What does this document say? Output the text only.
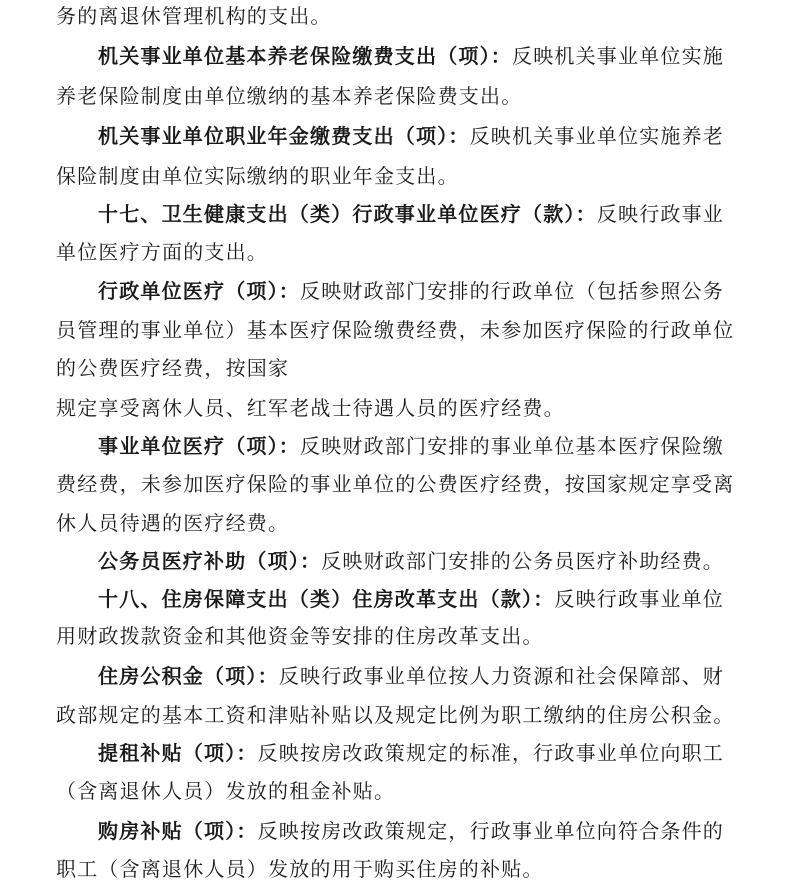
务的离退休管理机构的支出。
机关事业单位基本养老保险缴费支出（项）：反映机关事业单位实施
养老保险制度由单位缴纳的基本养老保险费支出。
机关事业单位职业年金缴费支出（项）：反映机关事业单位实施养老
保险制度由单位实际缴纳的职业年金支出。
十七、卫生健康支出（类）行政事业单位医疗（款）：反映行政事业
单位医疗方面的支出。
行政单位医疗（项）：反映财政部门安排的行政单位（包括参照公务
员管理的事业单位）基本医疗保险缴费经费，未参加医疗保险的行政单位
的公费医疗经费，按国家
规定享受离休人员、红军老战士待遇人员的医疗经费。
事业单位医疗（项）：反映财政部门安排的事业单位基本医疗保险缴
费经费，未参加医疗保险的事业单位的公费医疗经费，按国家规定享受离
休人员待遇的医疗经费。
公务员医疗补助（项）：反映财政部门安排的公务员医疗补助经费。
十八、住房保障支出（类）住房改革支出（款）：反映行政事业单位
用财政拨款资金和其他资金等安排的住房改革支出。
住房公积金（项）：反映行政事业单位按人力资源和社会保障部、财
政部规定的基本工资和津贴补贴以及规定比例为职工缴纳的住房公积金。
提租补贴（项）：反映按房改政策规定的标准，行政事业单位向职工
（含离退休人员）发放的租金补贴。
购房补贴（项）：反映按房改政策规定，行政事业单位向符合条件的
职工（含离退休人员）发放的用于购买住房的补贴。
